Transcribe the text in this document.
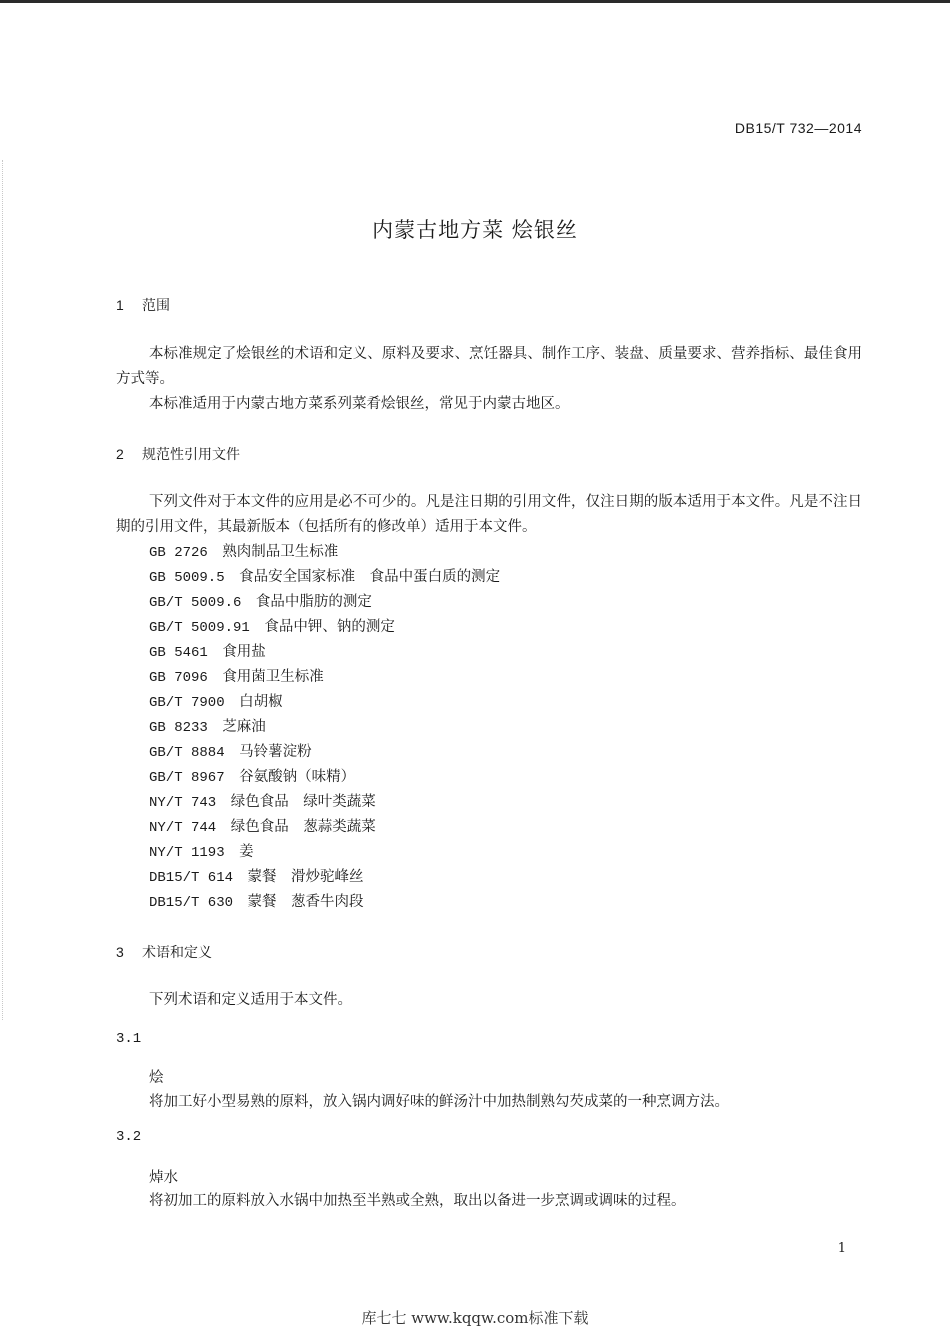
DB15/T 732—2014
内蒙古地方菜 烩银丝
1 范围
本标准规定了烩银丝的术语和定义、原料及要求、烹饪器具、制作工序、装盘、质量要求、营养指标、最佳食用方式等。
本标准适用于内蒙古地方菜系列菜肴烩银丝，常见于内蒙古地区。
2 规范性引用文件
下列文件对于本文件的应用是必不可少的。凡是注日期的引用文件，仅注日期的版本适用于本文件。凡是不注日期的引用文件，其最新版本（包括所有的修改单）适用于本文件。
GB 2726　 熟肉制品卫生标准
GB 5009.5　 食品安全国家标准　食品中蛋白质的测定
GB/T 5009.6　 食品中脂肪的测定
GB/T 5009.91　 食品中钾、钠的测定
GB 5461　 食用盐
GB 7096　 食用菌卫生标准
GB/T 7900　 白胡椒
GB 8233　 芝麻油
GB/T 8884　 马铃薯淀粉
GB/T 8967　 谷氨酸钠（味精）
NY/T 743　 绿色食品　绿叶类蔬菜
NY/T 744　 绿色食品　葱蒜类蔬菜
NY/T 1193　 姜
DB15/T 614　 蒙餐　滑炒驼峰丝
DB15/T 630　 蒙餐　葱香牛肉段
3 术语和定义
下列术语和定义适用于本文件。
3.1
烩
将加工好小型易熟的原料，放入锅内调好味的鲜汤汁中加热制熟勾芡成菜的一种烹调方法。
3.2
焯水
将初加工的原料放入水锅中加热至半熟或全熟，取出以备进一步烹调或调味的过程。
1
库七七 www.kqqw.com标准下载
